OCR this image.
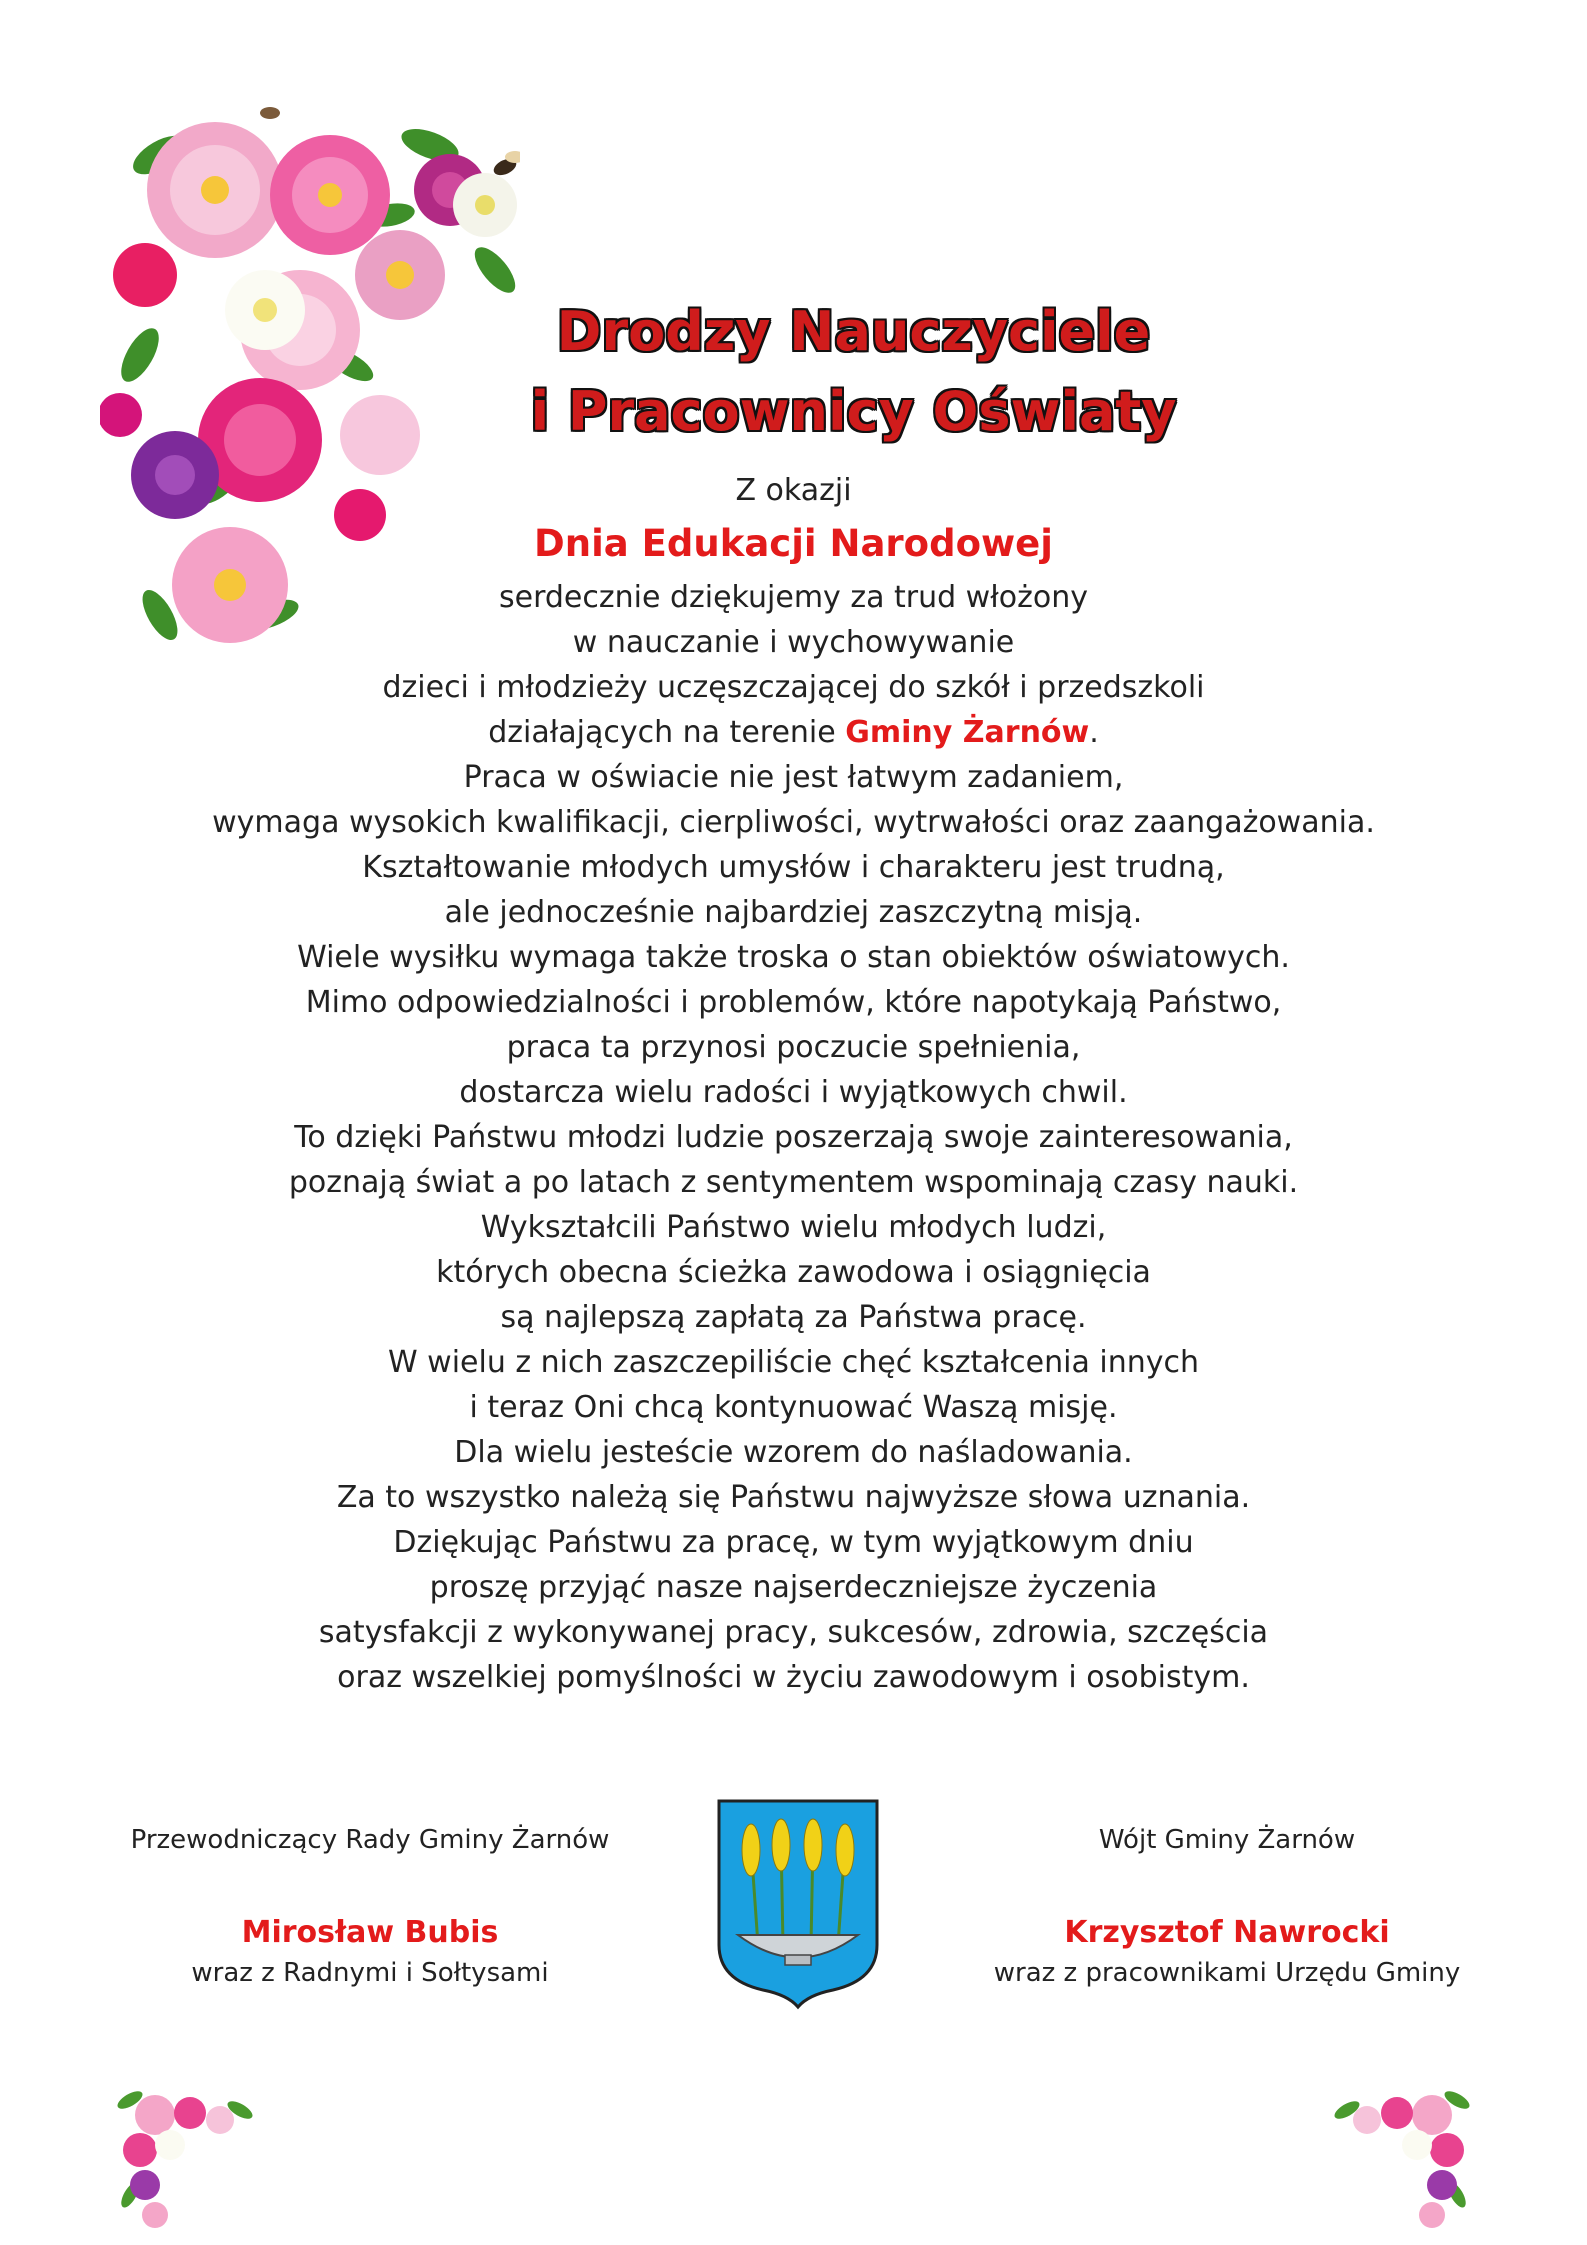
Drodzy Nauczyciele
i Pracownicy Oświaty
Z okazji
Dnia Edukacji Narodowej
serdecznie dziękujemy za trud włożony
w nauczanie i wychowywanie
dzieci i młodzieży uczęszczającej do szkół i przedszkoli
działających na terenie Gminy Żarnów.
Praca w oświacie nie jest łatwym zadaniem,
wymaga wysokich kwalifikacji, cierpliwości, wytrwałości oraz zaangażowania.
Kształtowanie młodych umysłów i charakteru jest trudną,
ale jednocześnie najbardziej zaszczytną misją.
Wiele wysiłku wymaga także troska o stan obiektów oświatowych.
Mimo odpowiedzialności i problemów, które napotykają Państwo,
praca ta przynosi poczucie spełnienia,
dostarcza wielu radości i wyjątkowych chwil.
To dzięki Państwu młodzi ludzie poszerzają swoje zainteresowania,
poznają świat a po latach z sentymentem wspominają czasy nauki.
Wykształcili Państwo wielu młodych ludzi,
których obecna ścieżka zawodowa i osiągnięcia
są najlepszą zapłatą za Państwa pracę.
W wielu z nich zaszczepiliście chęć kształcenia innych
i teraz Oni chcą kontynuować Waszą misję.
Dla wielu jesteście wzorem do naśladowania.
Za to wszystko należą się Państwu najwyższe słowa uznania.
Dziękując Państwu za pracę, w tym wyjątkowym dniu
proszę przyjąć nasze najserdeczniejsze życzenia
satysfakcji z wykonywanej pracy, sukcesów, zdrowia, szczęścia
oraz wszelkiej pomyślności w życiu zawodowym i osobistym.
Przewodniczący Rady Gminy Żarnów
Mirosław Bubis
wraz z Radnymi i Sołtysami
Wójt Gminy Żarnów
Krzysztof Nawrocki
wraz z pracownikami Urzędu Gminy
